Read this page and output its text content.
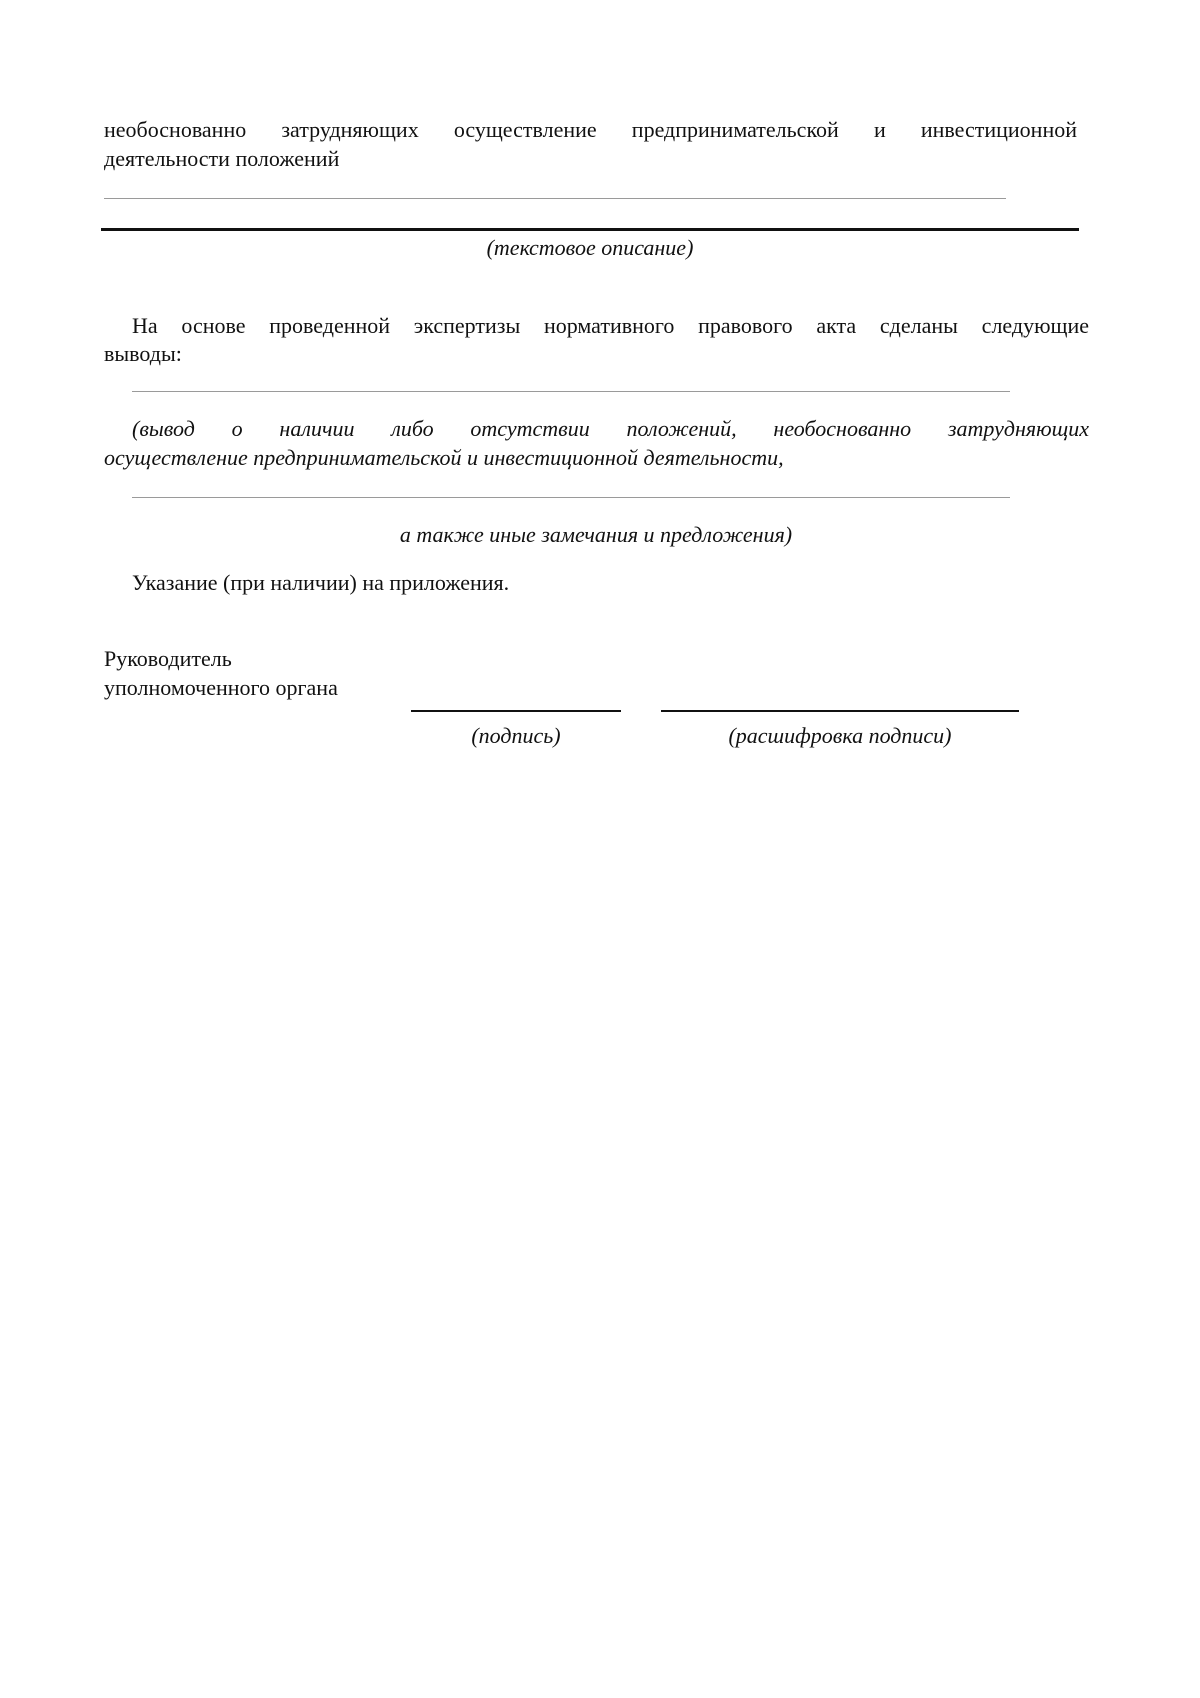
необоснованно затрудняющих осуществление предпринимательской и инвестиционной
деятельности положений
(текстовое описание)
На основе проведенной экспертизы нормативного правового акта сделаны следующие
выводы:
(вывод о наличии либо отсутствии положений, необоснованно затрудняющих
осуществление предпринимательской и инвестиционной деятельности,
а также иные замечания и предложения)
Указание (при наличии) на приложения.
Руководитель
уполномоченного органа
(подпись)	(расшифровка подписи)
